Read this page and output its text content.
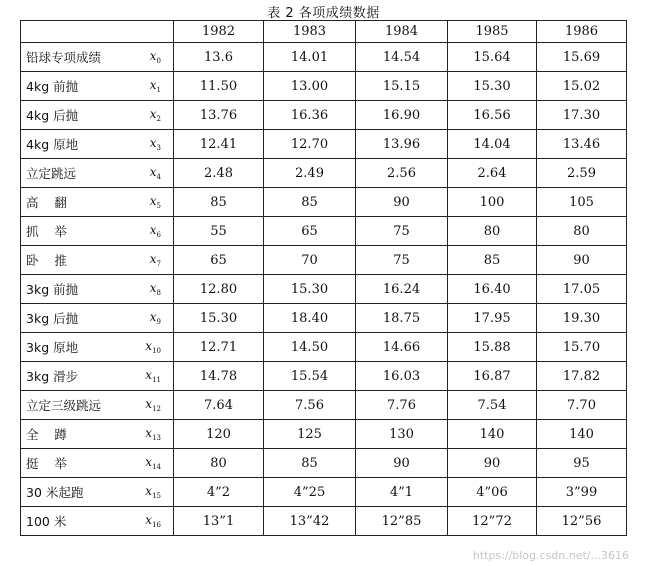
表 2 各项成绩数据
	1982	1983	1984	1985	1986

铅球专项成绩 $x_0$	13.6	14.01	14.54	15.64	15.69

4kg 前抛 $x_1$	11.50	13.00	15.15	15.30	15.02

4kg 后抛 $x_2$	13.76	16.36	16.90	16.56	17.30

4kg 原地 $x_3$	12.41	12.70	13.96	14.04	13.46

立定跳远 $x_4$	2.48	2.49	2.56	2.64	2.59

高    翻 $x_5$	85	85	90	100	105

抓    举 $x_6$	55	65	75	80	80

卧    推 $x_7$	65	70	75	85	90

3kg 前抛 $x_8$	12.80	15.30	16.24	16.40	17.05

3kg 后抛 $x_9$	15.30	18.40	18.75	17.95	19.30

3kg 原地 $x_{10}$	12.71	14.50	14.66	15.88	15.70

3kg 滑步 $x_{11}$	14.78	15.54	16.03	16.87	17.82

立定三级跳远 $x_{12}$	7.64	7.56	7.76	7.54	7.70

全    蹲 $x_{13}$	120	125	130	140	140

挺    举 $x_{14}$	80	85	90	90	95

30 米起跑 $x_{15}$	4”2	4”25	4”1	4”06	3”99

100 米 $x_{16}$	13”1	13”42	12”85	12”72	12”56
https://blog.csdn.net/...3616
